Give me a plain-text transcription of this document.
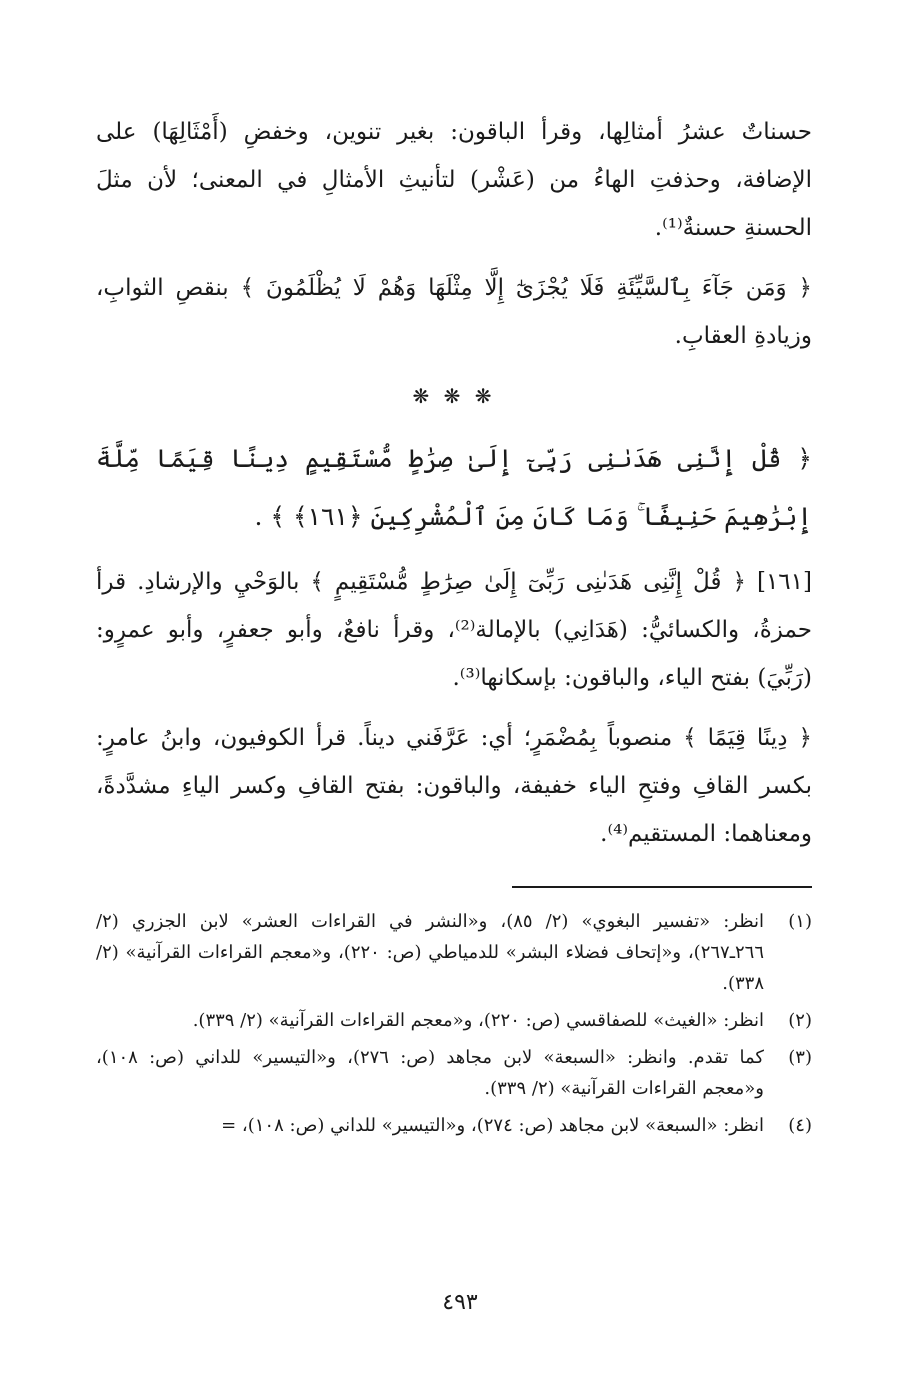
حسناتٌ عشرُ أمثالِها، وقرأ الباقون: بغير تنوين، وخفضِ (أَمْثَالِهَا) على الإضافة، وحذفتِ الهاءُ من (عَشْر) لتأنيثِ الأمثالِ في المعنى؛ لأن مثلَ الحسنةِ حسنةٌ⁽¹⁾.

﴿ وَمَن جَآءَ بِٱلسَّيِّئَةِ فَلَا يُجْزَىٰٓ إِلَّا مِثْلَهَا وَهُمْ لَا يُظْلَمُونَ ﴾ بنقصِ الثوابِ، وزيادةِ العقابِ.

❋ ❋ ❋

﴿ قُلْ إِنَّنِى هَدَىٰنِى رَبِّىٓ إِلَىٰ صِرَٰطٍ مُّسْتَقِيمٍ دِينًا قِيَمًا مِّلَّةَ إِبْرَٰهِيمَ حَنِيفًا ۚ وَمَا كَانَ مِنَ ٱلْمُشْرِكِينَ ﴿١٦١﴾ ﴾ .

[١٦١] ﴿ قُلْ إِنَّنِى هَدَىٰنِى رَبِّىٓ إِلَىٰ صِرَٰطٍ مُّسْتَقِيمٍ ﴾ بالوَحْيِ والإرشادِ. قرأ حمزةُ، والكسائيُّ: (هَدَانِي) بالإمالة⁽²⁾، وقرأ نافعٌ، وأبو جعفرٍ، وأبو عمرٍو: (رَبِّيَ) بفتح الياء، والباقون: بإسكانها⁽³⁾.

﴿ دِينًا قِيَمًا ﴾ منصوباً بِمُضْمَرٍ؛ أي: عَرَّفَني ديناً. قرأ الكوفيون، وابنُ عامرٍ: بكسر القافِ وفتحِ الياء خفيفة، والباقون: بفتح القافِ وكسر الياءِ مشدَّدةً، ومعناهما: المستقيم⁽⁴⁾.

(١)
انظر: «تفسير البغوي» (٢/ ٨٥)، و«النشر في القراءات العشر» لابن الجزري (٢/ ٢٦٦ـ٢٦٧)، و«إتحاف فضلاء البشر» للدمياطي (ص: ٢٢٠)، و«معجم القراءات القرآنية» (٢/ ٣٣٨).
(٢)
انظر: «الغيث» للصفاقسي (ص: ٢٢٠)، و«معجم القراءات القرآنية» (٢/ ٣٣٩).
(٣)
كما تقدم. وانظر: «السبعة» لابن مجاهد (ص: ٢٧٦)، و«التيسير» للداني (ص: ١٠٨)، و«معجم القراءات القرآنية» (٢/ ٣٣٩).
(٤)
انظر: «السبعة» لابن مجاهد (ص: ٢٧٤)، و«التيسير» للداني (ص: ١٠٨)، =
٤٩٣
